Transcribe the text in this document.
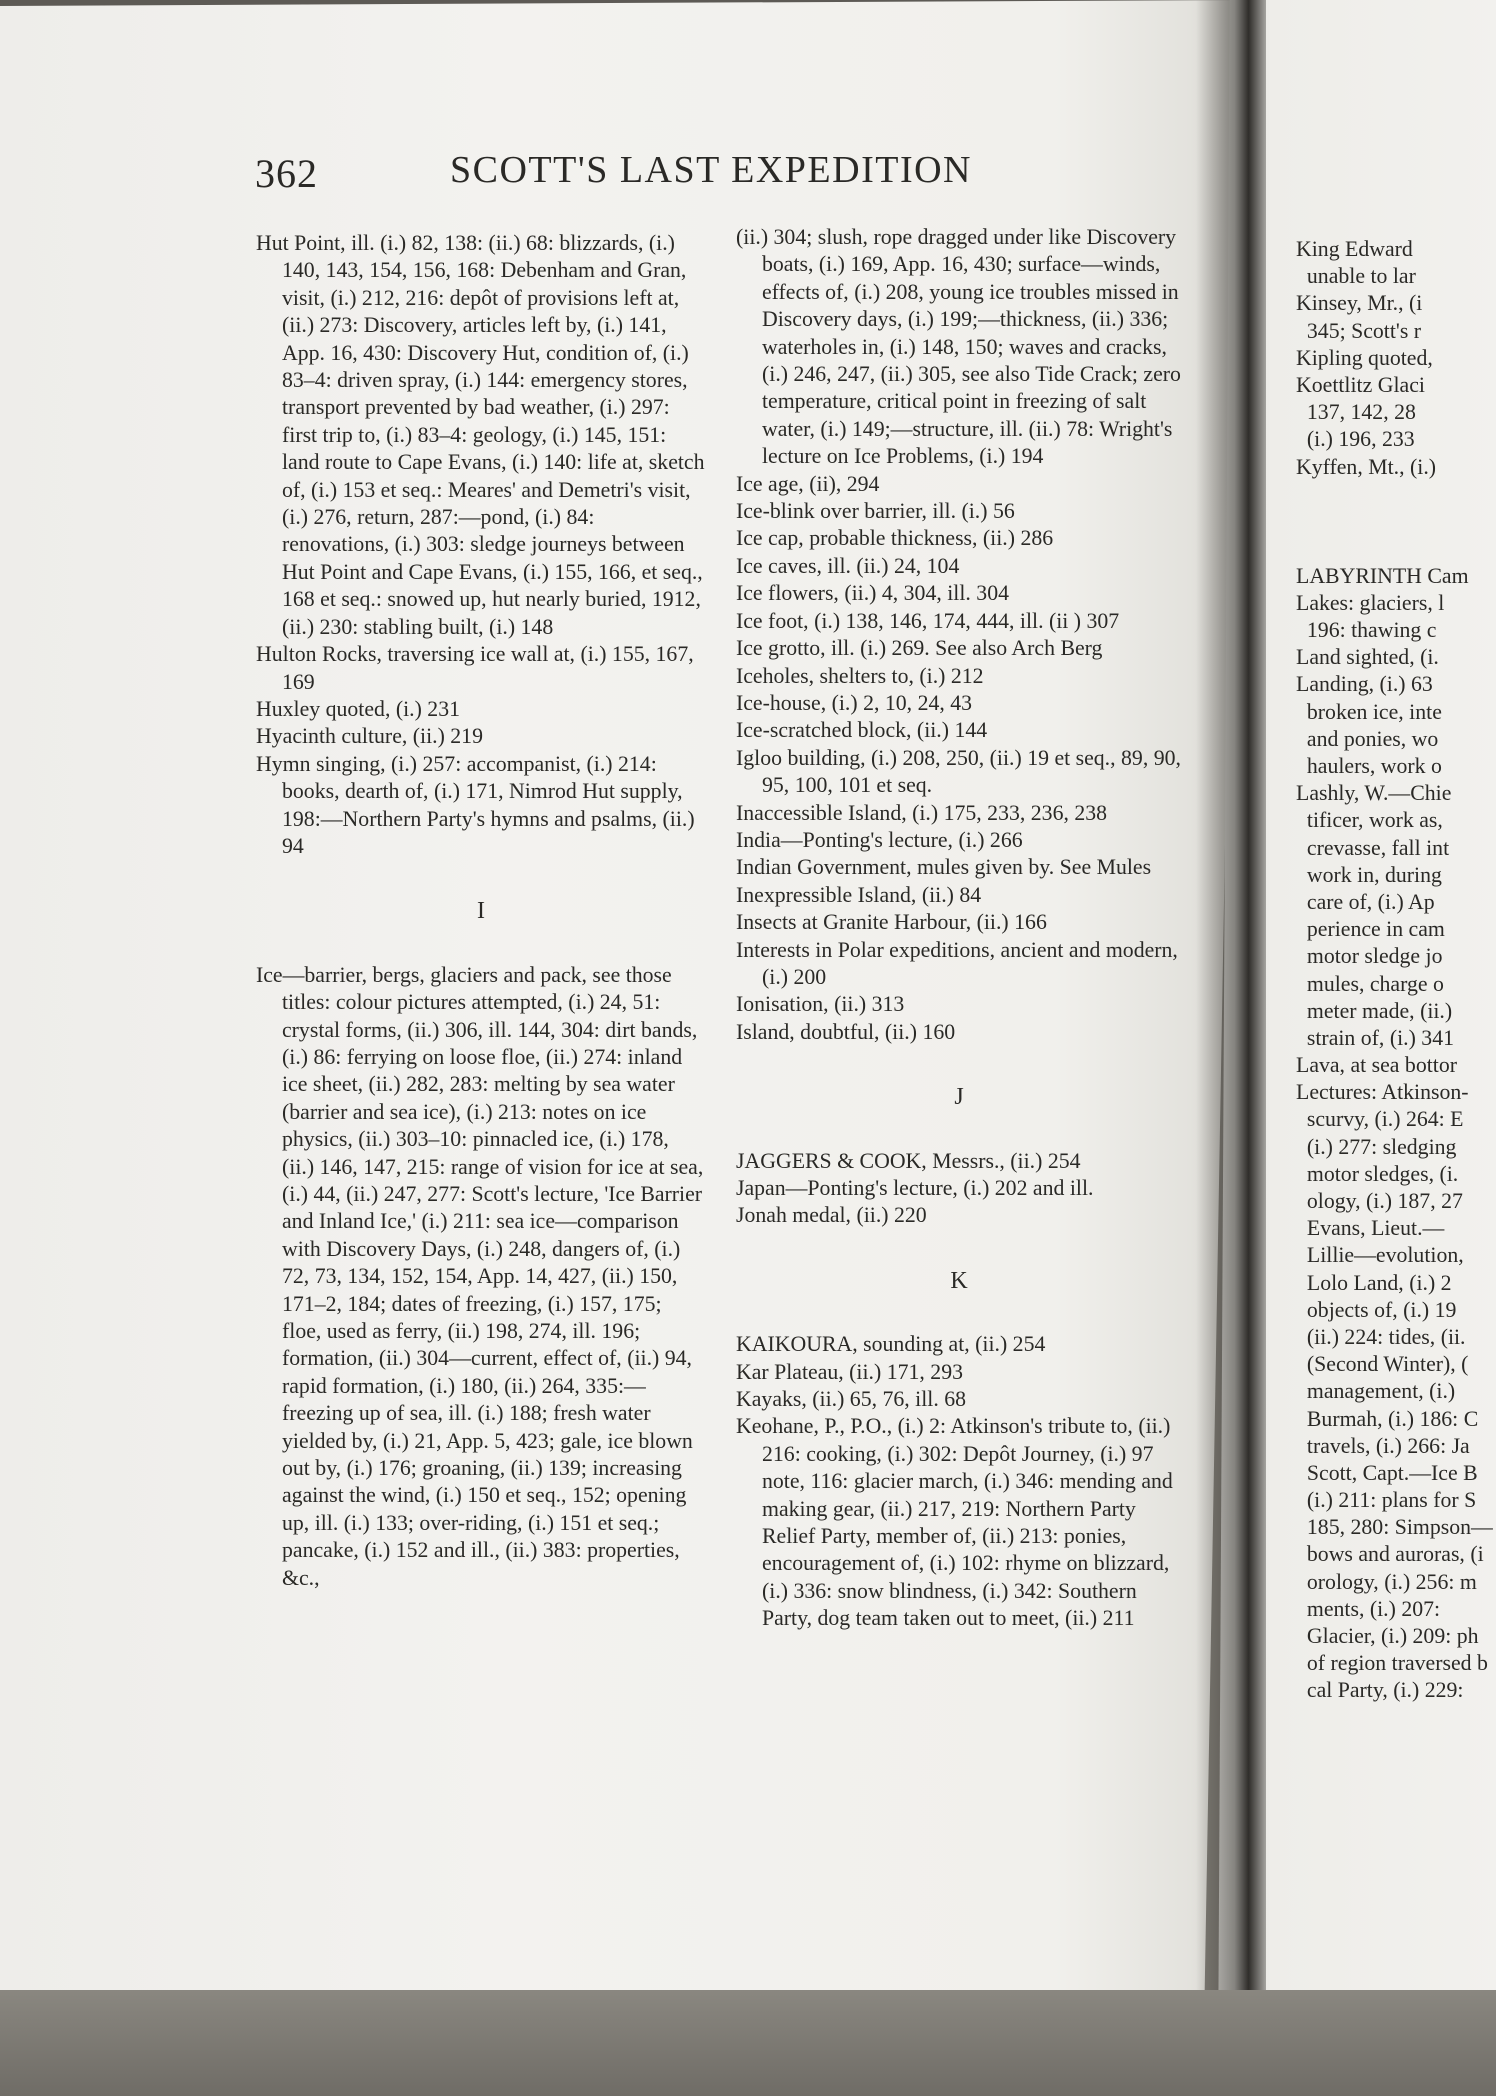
362	SCOTT'S LAST EXPEDITION

Hut Point, ill. (i.) 82, 138: (ii.) 68: blizzards, (i.) 140, 143, 154, 156, 168: Debenham and Gran, visit, (i.) 212, 216: depôt of provisions left at, (ii.) 273: Discovery, articles left by, (i.) 141, App. 16, 430: Discovery Hut, condition of, (i.) 83–4: driven spray, (i.) 144: emergency stores, transport prevented by bad weather, (i.) 297: first trip to, (i.) 83–4: geology, (i.) 145, 151: land route to Cape Evans, (i.) 140: life at, sketch of, (i.) 153 et seq.: Meares' and Demetri's visit, (i.) 276, return, 287:—pond, (i.) 84: renovations, (i.) 303: sledge journeys between Hut Point and Cape Evans, (i.) 155, 166, et seq., 168 et seq.: snowed up, hut nearly buried, 1912, (ii.) 230: stabling built, (i.) 148

Hulton Rocks, traversing ice wall at, (i.) 155, 167, 169

Huxley quoted, (i.) 231

Hyacinth culture, (ii.) 219

Hymn singing, (i.) 257: accompanist, (i.) 214: books, dearth of, (i.) 171, Nimrod Hut supply, 198:—Northern Party's hymns and psalms, (ii.) 94

I

Ice—barrier, bergs, glaciers and pack, see those titles: colour pictures attempted, (i.) 24, 51: crystal forms, (ii.) 306, ill. 144, 304: dirt bands, (i.) 86: ferrying on loose floe, (ii.) 274: inland ice sheet, (ii.) 282, 283: melting by sea water (barrier and sea ice), (i.) 213: notes on ice physics, (ii.) 303–10: pinnacled ice, (i.) 178, (ii.) 146, 147, 215: range of vision for ice at sea, (i.) 44, (ii.) 247, 277: Scott's lecture, 'Ice Barrier and Inland Ice,' (i.) 211: sea ice—comparison with Discovery Days, (i.) 248, dangers of, (i.) 72, 73, 134, 152, 154, App. 14, 427, (ii.) 150, 171–2, 184; dates of freezing, (i.) 157, 175; floe, used as ferry, (ii.) 198, 274, ill. 196; formation, (ii.) 304—current, effect of, (ii.) 94, rapid formation, (i.) 180, (ii.) 264, 335:—freezing up of sea, ill. (i.) 188; fresh water yielded by, (i.) 21, App. 5, 423; gale, ice blown out by, (i.) 176; groaning, (ii.) 139; increasing against the wind, (i.) 150 et seq., 152; opening up, ill. (i.) 133; over-riding, (i.) 151 et seq.; pancake, (i.) 152 and ill., (ii.) 383: properties, &c.,

(ii.) 304; slush, rope dragged under like Discovery boats, (i.) 169, App. 16, 430; surface—winds, effects of, (i.) 208, young ice troubles missed in Discovery days, (i.) 199;—thickness, (ii.) 336; waterholes in, (i.) 148, 150; waves and cracks, (i.) 246, 247, (ii.) 305, see also Tide Crack; zero temperature, critical point in freezing of salt water, (i.) 149;—structure, ill. (ii.) 78: Wright's lecture on Ice Problems, (i.) 194

Ice age, (ii), 294

Ice-blink over barrier, ill. (i.) 56

Ice cap, probable thickness, (ii.) 286

Ice caves, ill. (ii.) 24, 104

Ice flowers, (ii.) 4, 304, ill. 304

Ice foot, (i.) 138, 146, 174, 444, ill. (ii ) 307

Ice grotto, ill. (i.) 269. See also Arch Berg

Iceholes, shelters to, (i.) 212

Ice-house, (i.) 2, 10, 24, 43

Ice-scratched block, (ii.) 144

Igloo building, (i.) 208, 250, (ii.) 19 et seq., 89, 90, 95, 100, 101 et seq.

Inaccessible Island, (i.) 175, 233, 236, 238

India—Ponting's lecture, (i.) 266

Indian Government, mules given by. See Mules

Inexpressible Island, (ii.) 84

Insects at Granite Harbour, (ii.) 166

Interests in Polar expeditions, ancient and modern, (i.) 200

Ionisation, (ii.) 313

Island, doubtful, (ii.) 160

J

JAGGERS & COOK, Messrs., (ii.) 254

Japan—Ponting's lecture, (i.) 202 and ill.

Jonah medal, (ii.) 220

K

KAIKOURA, sounding at, (ii.) 254

Kar Plateau, (ii.) 171, 293

Kayaks, (ii.) 65, 76, ill. 68

Keohane, P., P.O., (i.) 2: Atkinson's tribute to, (ii.) 216: cooking, (i.) 302: Depôt Journey, (i.) 97 note, 116: glacier march, (i.) 346: mending and making gear, (ii.) 217, 219: Northern Party Relief Party, member of, (ii.) 213: ponies, encouragement of, (i.) 102: rhyme on blizzard, (i.) 336: snow blindness, (i.) 342: Southern Party, dog team taken out to meet, (ii.) 211

King Edward

unable to lar

Kinsey, Mr., (i

345; Scott's r

Kipling quoted,

Koettlitz Glaci

137, 142, 28

(i.) 196, 233

Kyffen, Mt., (i.)

LABYRINTH Cam

Lakes: glaciers, l

196: thawing c

Land sighted, (i.

Landing, (i.) 63

broken ice, inte

and ponies, wo

haulers, work o

Lashly, W.—Chie

tificer, work as,

crevasse, fall int

work in, during

care of, (i.) Ap

perience in cam

motor sledge jo

mules, charge o

meter made, (ii.)

strain of, (i.) 341

Lava, at sea bottor

Lectures: Atkinson-

scurvy, (i.) 264: E

(i.) 277: sledging

motor sledges, (i.

ology, (i.) 187, 27

Evans, Lieut.—

Lillie—evolution,

Lolo Land, (i.) 2

objects of, (i.) 19

(ii.) 224: tides, (ii.

(Second Winter), (

management, (i.)

Burmah, (i.) 186: C

travels, (i.) 266: Ja

Scott, Capt.—Ice B

(i.) 211: plans for S

185, 280: Simpson—

bows and auroras, (i

orology, (i.) 256: m

ments, (i.) 207:

Glacier, (i.) 209: ph

of region traversed b

cal Party, (i.) 229:
